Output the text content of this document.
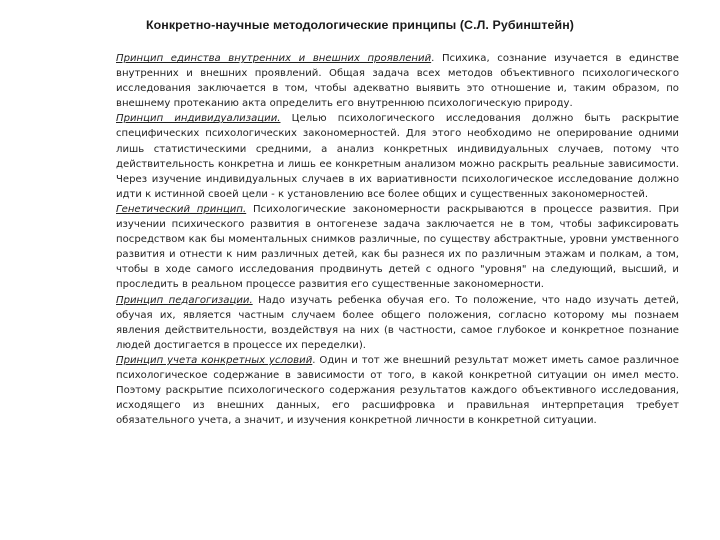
Конкретно-научные методологические принципы (С.Л. Рубинштейн)

Принцип единства внутренних и внешних проявлений. Психика, сознание изучается в единстве внутренних и внешних проявлений. Общая задача всех методов объективного психологического исследования заключается в том, чтобы адекватно выявить это отношение и, таким образом, по внешнему протеканию акта определить его внутреннюю психологическую природу.

Принцип индивидуализации. Целью психологического исследования должно быть раскрытие специфических психологических закономерностей. Для этого необходимо не оперирование одними лишь статистическими средними, а анализ конкретных индивидуальных случаев, потому что действительность конкретна и лишь ее конкретным анализом можно раскрыть реальные зависимости. Через изучение индивидуальных случаев в их вариативности психологическое исследование должно идти к истинной своей цели - к установлению все более общих и существенных закономерностей.

Генетический принцип. Психологические закономерности раскрываются в процессе развития. При изучении психического развития в онтогенезе задача заключается не в том, чтобы зафиксировать посредством как бы моментальных снимков различные, по существу абстрактные, уровни умственного развития и отнести к ним различных детей, как бы разнеся их по различным этажам и полкам, а том, чтобы в ходе самого исследования продвинуть детей с одного "уровня" на следующий, высший, и проследить в реальном процессе развития его существенные закономерности.

Принцип педагогизации. Надо изучать ребенка обучая его. То положение, что надо изучать детей, обучая их, является частным случаем более общего положения, согласно которому мы познаем явления действительности, воздействуя на них (в частности, самое глубокое и конкретное познание людей достигается в процессе их переделки).

Принцип учета конкретных условий. Один и тот же внешний результат может иметь самое различное психологическое содержание в зависимости от того, в какой конкретной ситуации он имел место. Поэтому раскрытие психологического содержания результатов каждого объективного исследования, исходящего из внешних данных, его расшифровка и правильная интерпретация требует обязательного учета, а значит, и изучения конкретной личности в конкретной ситуации.
